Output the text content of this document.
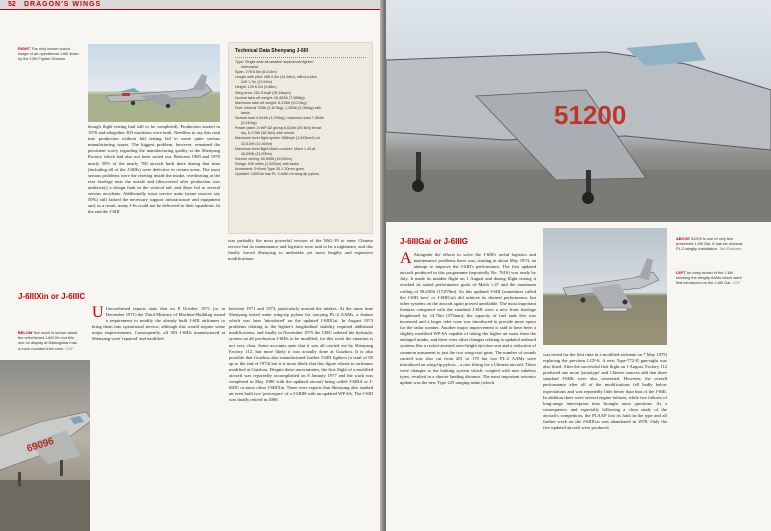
52 DRAGON'S WINGS
RIGHT The only known colour image of an operational J-6III flown by the 12th Fighter Division.
though flight testing had still to be completed). Production started in 1970 and altogether 303 machines were built. Needless to say this rush into production without full testing led to some quite serious manufacturing issues. The biggest problem, however, remained the persistent worry regarding the manufacturing quality at the Shenyang Factory which had also not been sorted out. Between 1969 and 1970 nearly 50% of the nearly 700 aircraft built there during that time (including all of the J-6IIIs) were defective in certain areas. The most serious problems were the riveting inside the intake, overheating at the rear fuselage near the nozzle and (discovered after production was underway) a design fault in the vertical tail, and these led to several serious accidents. Additionally most service units (some sources say 50%) still lacked the necessary support infrastructure and equipment and, as a result, many J-6s could not be delivered to their squadrons. In the end the J-6III
Technical Data Shenyang J-6III
Type: Single-seat all-weather supersonic fighter/
Interceptor
Span: 27ft 6.5in (8.414m)
Length with pitot: 48ft 0.5in (14.64m), without pitot
41ft 1.7in (12.54m)
Height: 12ft 6.2in (3.86m)
Wing area: 281.51sqft (26.16sqm)
Normal take-off weight: 16,462lb (7,588kg)
Maximum take-off weight: 6,315lb (9,074kg)
Fuel: internal 750lb (1,674kg), 1,392lb (2,064kg) with
tanks
Normal load 4,941lb (1,976kg), maximum load 7,584lb
(3,440kg)
Power plant: 2×WP-6Z giving 6,610lb (29.4kN) thrust
dry, 8,170lb (36.3kN) with reheat
Maximum level flight speed: 968mph (1,543km/h) at
32,810ft (10,000m)
Maximum level flight Mach number: Mach 1.45 at
36,090ft (11,000m)
Service ceiling: 60,695ft (18,500m)
Range: 946 miles (1,522km) with tanks
Armament: 3×fixed Type 30-1 30mm guns.
Updated J-6IIIGai has PL-2 AAM on wing-tip pylons
was probably the most powerful version of the MiG-19 to enter Chinese service but its maintenance and logistics were said to be a nightmare, and this finally forced Shenyang to undertake yet more lengthy and expensive modifications.
J-6IIIXin or J-6IIIC
BELOW Not much is known about the refurbished J-6III Xin but this one on display at Datangshan has a more rounded inlet cone. CDF
69096
U Unconfirmed reports state that on 8 October 1971 (or in December 1971) the Third Ministry of Machine-Building issued a requirement to modify the already built J-6III airframes to bring them into operational service, although this would require some major improvements. Consequently, all 303 J-6IIIs manufactured at Shenyang were 'repaired' and modified
between 1971 and 1973, particularly around the intakes. At the same time Shenyang tested some wing-tip pylons for carrying PL-2 AAMs, a feature which was later 'introduced' on the updated J-6IIIGai. In August 1973 problems relating to the fighter's longitudinal stability required additional modifications, and finally in November 1975 the CMC ordered the hydraulic system on all production J-6IIIs to be modified, for this work the situation is not very clear. Some accounts state that it was all carried out by Shenyang Factory 112, but more likely it was actually done at Guizhou. It is also possible that Guizhou also manufactured further J-6III fighters (a total of 85 up to the end of 1974) but it is more likely that this figure relates to airframes modified at Guizhou. Despite these uncertainties, the first flight of a modified aircraft was reportedly accomplished on 8 January 1977 and the work was completed in May 1980 with the updated aircraft being called J-6IIIA or J-6IIIC or more often J-6IIIXin. There were reports that Shenyang also studied an even built two 'prototypes' of a J-6IIIB with an updated WP-6A. The J-6III was finally retired in 2000.
51200
J-6IIIGai or J-6IIIG
A Alongside the efforts to solve the J-6III's awful logistics and maintenance problems there was, starting in about May 1974, an attempt to improve the J-6III's performance. The first updated aircraft produced in this programme (reportedly No. 7616) was ready by July. It made its maiden flight on 1 August and during flight testing it reached its stated performance goals of Mach 1.47 and the maximum ceiling of 58,630ft (17,870m). So this updated J-6III (sometimes called the J-6III 'new' or J-6IIIGai) did achieve its desired performance, but other systems on the aircraft again proved unreliable. The most important features compared with the standard J-6III were a new front fuselage lengthened by 14.76in (375mm), the capacity of fuel tank five was increased and a larger inlet cone was introduced to provide more space for the radar scanner. Another major improvement is said to have been a slightly modified WP-6A capable of taking the higher air mass from the enlarged intake, and there were other changes relating to updated onboard systems like a rocket-assisted zero-height ejection seat and a reduction of common armament to just the two wing-root guns. The number of rounds carried was also cut from 201 to 170 but two PL-2 AAMs were introduced on wing-tip pylons – a rare fitting for a Chinese aircraft. There were changes to the braking system which, coupled with new tubeless tyres, resulted in a shorter landing distance. The most important avionics update was the new Type 225 ranging radar (which
was tested for the first time in a modified airframe on 7 May 1975) replacing the previous LCF-6. A new Type-772-II gun-sight was also fitted. After the successful first flight on 1 August, Factory 112 produced one more 'prototype' and Chinese sources add that three standard J-6IIIs were also converted. However, the overall performance after all of the modifications fell badly below expectations and was reportedly little better than that of the J-6III. In addition there were several engine failures, while two failures of long-range interception tests brought more questions. As a consequence, and especially following a close study of the aircraft's competitors, the PLAAF lost its faith in the type and all further work on the J-6IIIGai was abandoned in 1978. Only the five updated aircraft were produced.
ABOVE 51209 is one of only two preserved J-6III Gai. It has six unusual PL-2 wingtip installation. Tan B'rdsaen
LEFT An early model of the J-6III showing the wingtip AAMs which were first introduced on the J-6III Gai. CDF
